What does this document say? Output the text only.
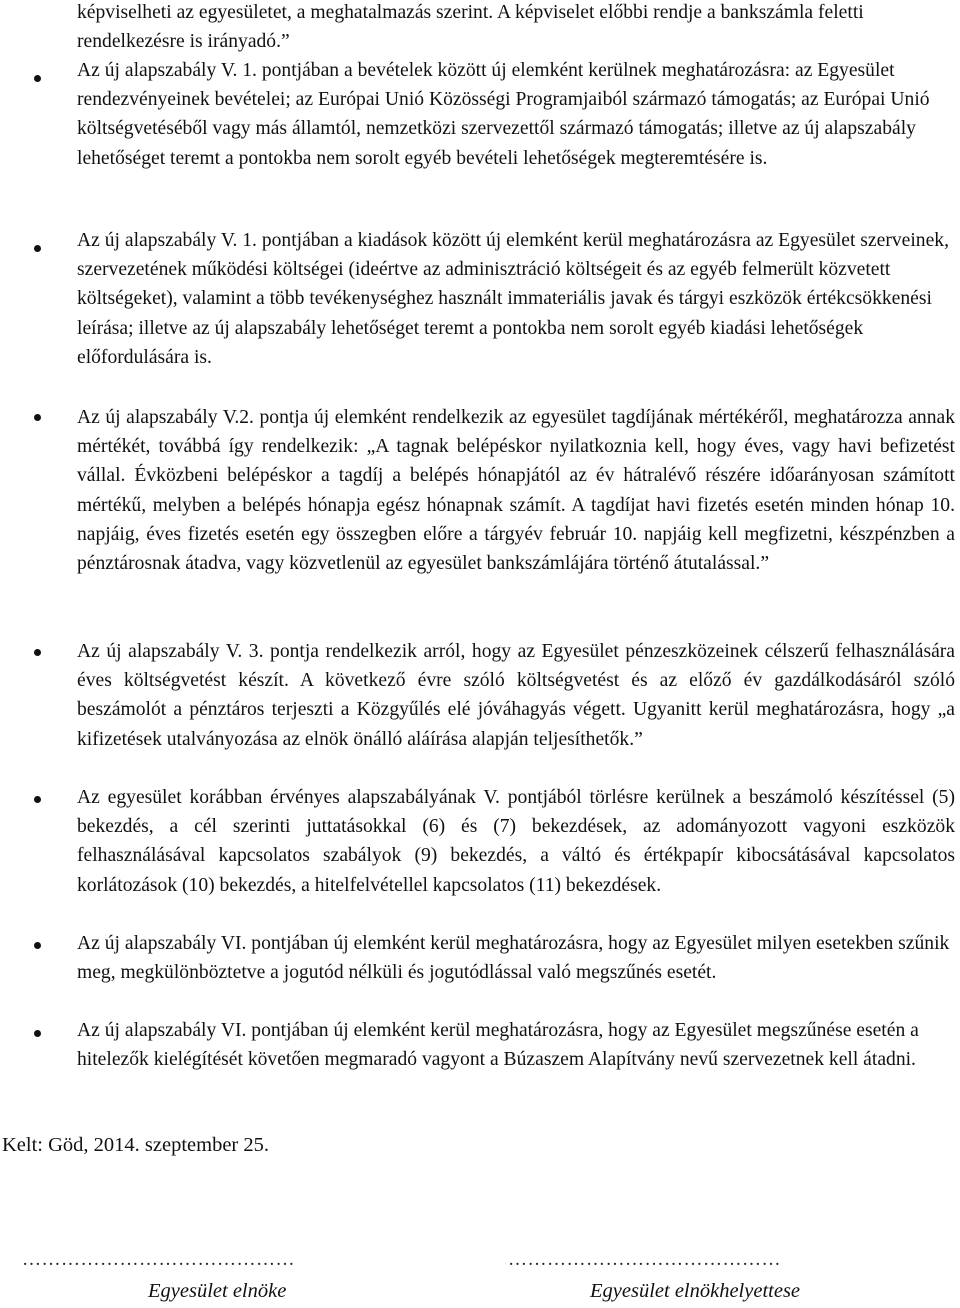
képviselheti az egyesületet, a meghatalmazás szerint. A képviselet előbbi rendje a bankszámla feletti rendelkezésre is irányadó.”

Az új alapszabály V. 1. pontjában a bevételek között új elemként kerülnek meghatározásra: az Egyesület rendezvényeinek bevételei; az Európai Unió Közösségi Programjaiból származó támogatás; az Európai Unió költségvetéséből vagy más államtól, nemzetközi szervezettől származó támogatás; illetve az új alapszabály lehetőséget teremt a pontokba nem sorolt egyéb bevételi lehetőségek megteremtésére is.

Az új alapszabály V. 1. pontjában a kiadások között új elemként kerül meghatározásra az Egyesület szerveinek, szervezetének működési költségei (ideértve az adminisztráció költségeit és az egyéb felmerült közvetett költségeket), valamint a több tevékenységhez használt immateriális javak és tárgyi eszközök értékcsökkenési leírása; illetve az új alapszabály lehetőséget teremt a pontokba nem sorolt egyéb kiadási lehetőségek előfordulására is.

Az új alapszabály V.2. pontja új elemként rendelkezik az egyesület tagdíjának mértékéről, meghatározza annak mértékét, továbbá így rendelkezik: „A tagnak belépéskor nyilatkoznia kell, hogy éves, vagy havi befizetést vállal. Évközbeni belépéskor a tagdíj a belépés hónapjától az év hátralévő részére időarányosan számított mértékű, melyben a belépés hónapja egész hónapnak számít. A tagdíjat havi fizetés esetén minden hónap 10. napjáig, éves fizetés esetén egy összegben előre a tárgyév február 10. napjáig kell megfizetni, készpénzben a pénztárosnak átadva, vagy közvetlenül az egyesület bankszámlájára történő átutalással.”

Az új alapszabály V. 3. pontja rendelkezik arról, hogy az Egyesület pénzeszközeinek célszerű felhasználására éves költségvetést készít. A következő évre szóló költségvetést és az előző év gazdálkodásáról szóló beszámolót a pénztáros terjeszti a Közgyűlés elé jóváhagyás végett. Ugyanitt kerül meghatározásra, hogy „a kifizetések utalványozása az elnök önálló aláírása alapján teljesíthetők.”

Az egyesület korábban érvényes alapszabályának V. pontjából törlésre kerülnek a beszámoló készítéssel (5) bekezdés, a cél szerinti juttatásokkal (6) és (7) bekezdések, az adományozott vagyoni eszközök felhasználásával kapcsolatos szabályok (9) bekezdés, a váltó és értékpapír kibocsátásával kapcsolatos korlátozások (10) bekezdés, a hitelfelvétellel kapcsolatos (11) bekezdések.

Az új alapszabály VI. pontjában új elemként kerül meghatározásra, hogy az Egyesület milyen esetekben szűnik meg, megkülönböztetve a jogutód nélküli és jogutódlással való megszűnés esetét.

Az új alapszabály VI. pontjában új elemként kerül meghatározásra, hogy az Egyesület megszűnése esetén a hitelezők kielégítését követően megmaradó vagyont a Búzaszem Alapítvány nevű szervezetnek kell átadni.

Kelt: Göd, 2014. szeptember 25.

……………………………………	……………………………………
Egyesület elnöke	Egyesület elnökhelyettese
